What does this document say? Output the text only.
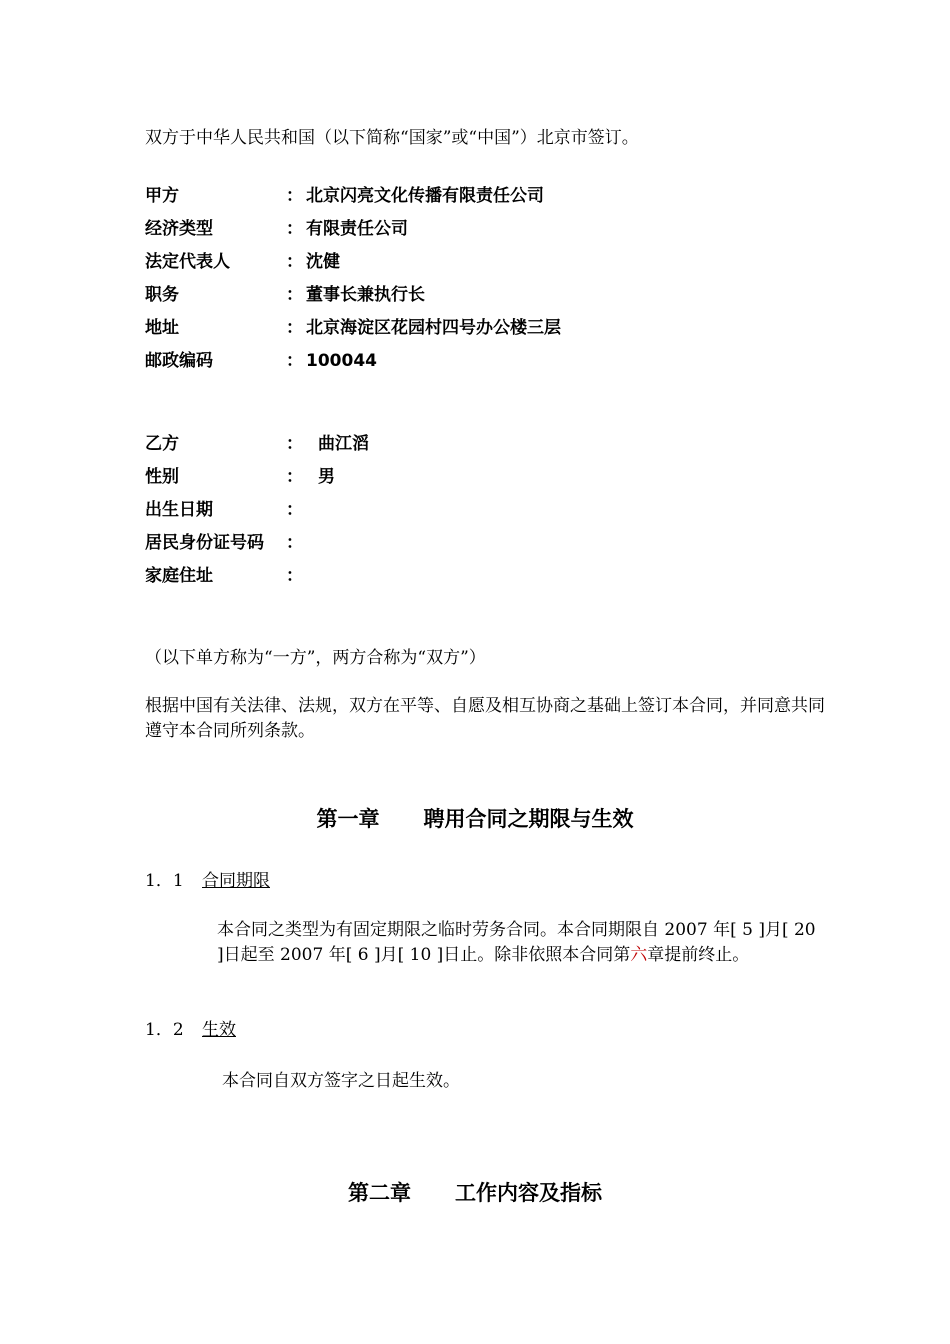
双方于中华人民共和国（以下简称“国家”或“中国”）北京市签订。
甲方	： 北京闪亮文化传播有限责任公司
经济类型	： 有限责任公司
法定代表人	： 沈健
职务	： 董事长兼执行长
地址	： 北京海淀区花园村四号办公楼三层
邮政编码	： 100044
乙方	： 曲江滔
性别	： 男
出生日期	：
居民身份证号码 ：
家庭住址	：
（以下单方称为“一方”，两方合称为“双方”）
根据中国有关法律、法规，双方在平等、自愿及相互协商之基础上签订本合同，并同意共同遵守本合同所列条款。
第一章 聘用合同之期限与生效
1．1 合同期限
本合同之类型为有固定期限之临时劳务合同。本合同期限自 2007 年[ 5 ]月[ 20 ]日起至 2007 年[ 6 ]月[ 10 ]日止。除非依照本合同第六章提前终止。
1．2 生效
本合同自双方签字之日起生效。
第二章 工作内容及指标
